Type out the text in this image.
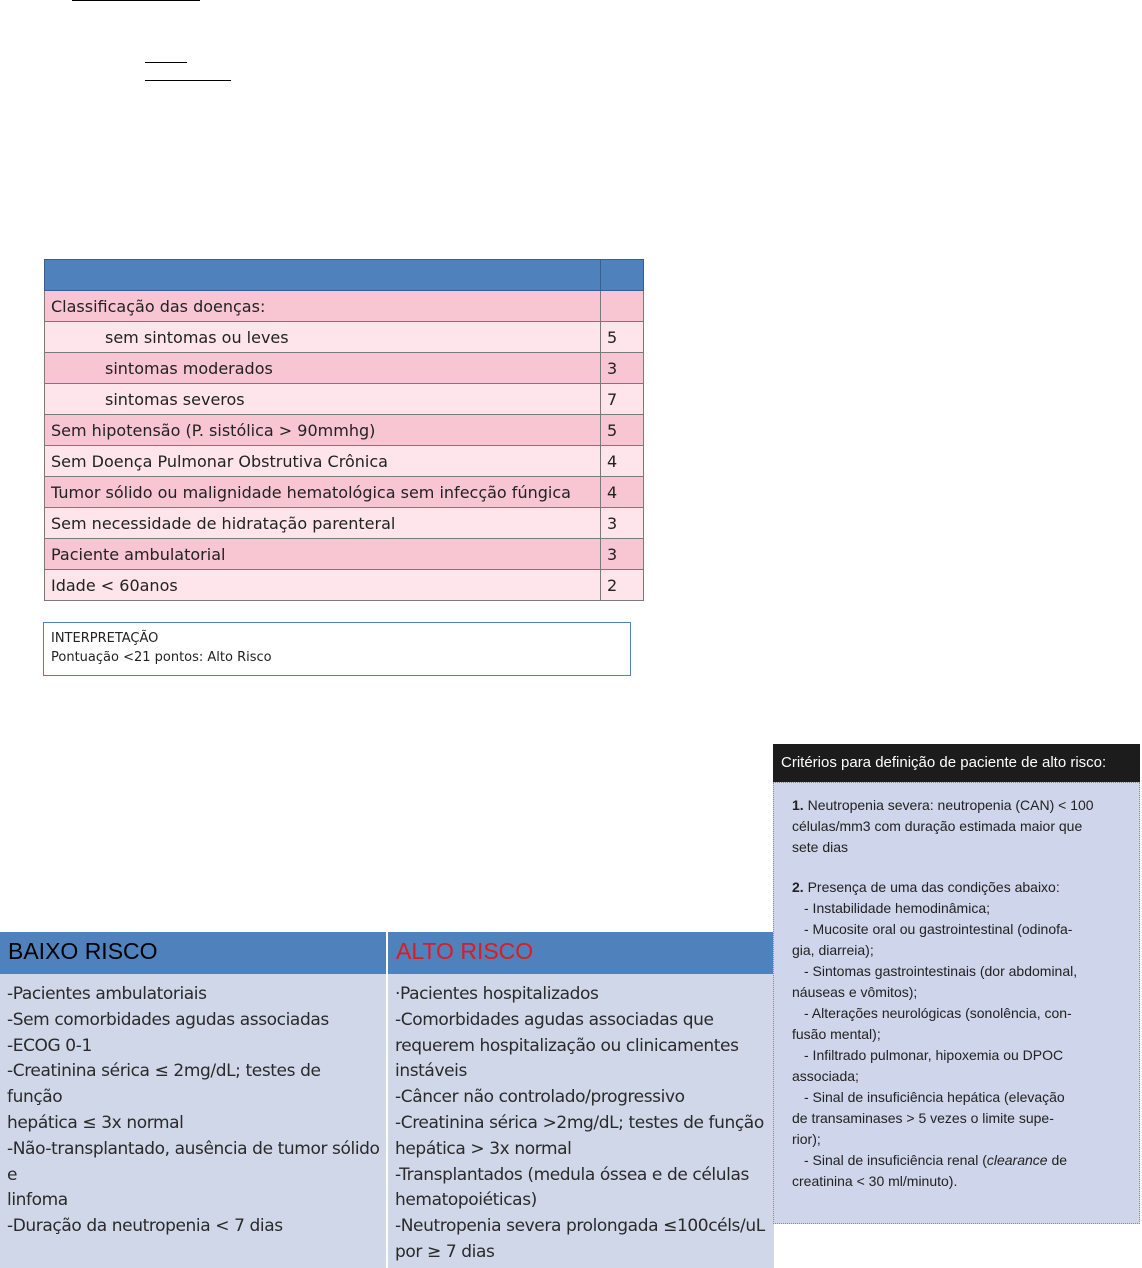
Classificação das doenças:	
sem sintomas ou leves	5
sintomas moderados	3
sintomas severos	7
Sem hipotensão (P. sistólica > 90mmhg)	5
Sem Doença Pulmonar Obstrutiva Crônica	4
Tumor sólido ou malignidade hematológica sem infecção fúngica	4
Sem necessidade de hidratação parenteral	3
Paciente ambulatorial	3
Idade < 60anos	2
INTERPRETAÇÃO
Pontuação <21 pontos: Alto Risco
BAIXO RISCO	ALTO RISCO
-Pacientes ambulatoriais
-Sem comorbidades agudas associadas
-ECOG 0-1
-Creatinina sérica ≤ 2mg/dL; testes de função
hepática ≤ 3x normal
-Não-transplantado, ausência de tumor sólido e
linfoma
-Duração da neutropenia < 7 dias
·Pacientes hospitalizados
-Comorbidades agudas associadas que
requerem hospitalização ou clinicamentes
instáveis
-Câncer não controlado/progressivo
-Creatinina sérica >2mg/dL; testes de função
hepática > 3x normal
-Transplantados (medula óssea e de células
hematopoiéticas)
-Neutropenia severa prolongada ≤100céls/uL
por ≥ 7 dias
Critérios para definição de paciente de alto risco:
1. Neutropenia severa: neutropenia (CAN) < 100
células/mm3 com duração estimada maior que
sete dias
2. Presença de uma das condições abaixo:
- Instabilidade hemodinâmica;
- Mucosite oral ou gastrointestinal (odinofa-
gia, diarreia);
- Sintomas gastrointestinais (dor abdominal,
náuseas e vômitos);
- Alterações neurológicas (sonolência, con-
fusão mental);
- Infiltrado pulmonar, hipoxemia ou DPOC
associada;
- Sinal de insuficiência hepática (elevação
de transaminases > 5 vezes o limite supe-
rior);
- Sinal de insuficiência renal (clearance de
creatinina < 30 ml/minuto).
